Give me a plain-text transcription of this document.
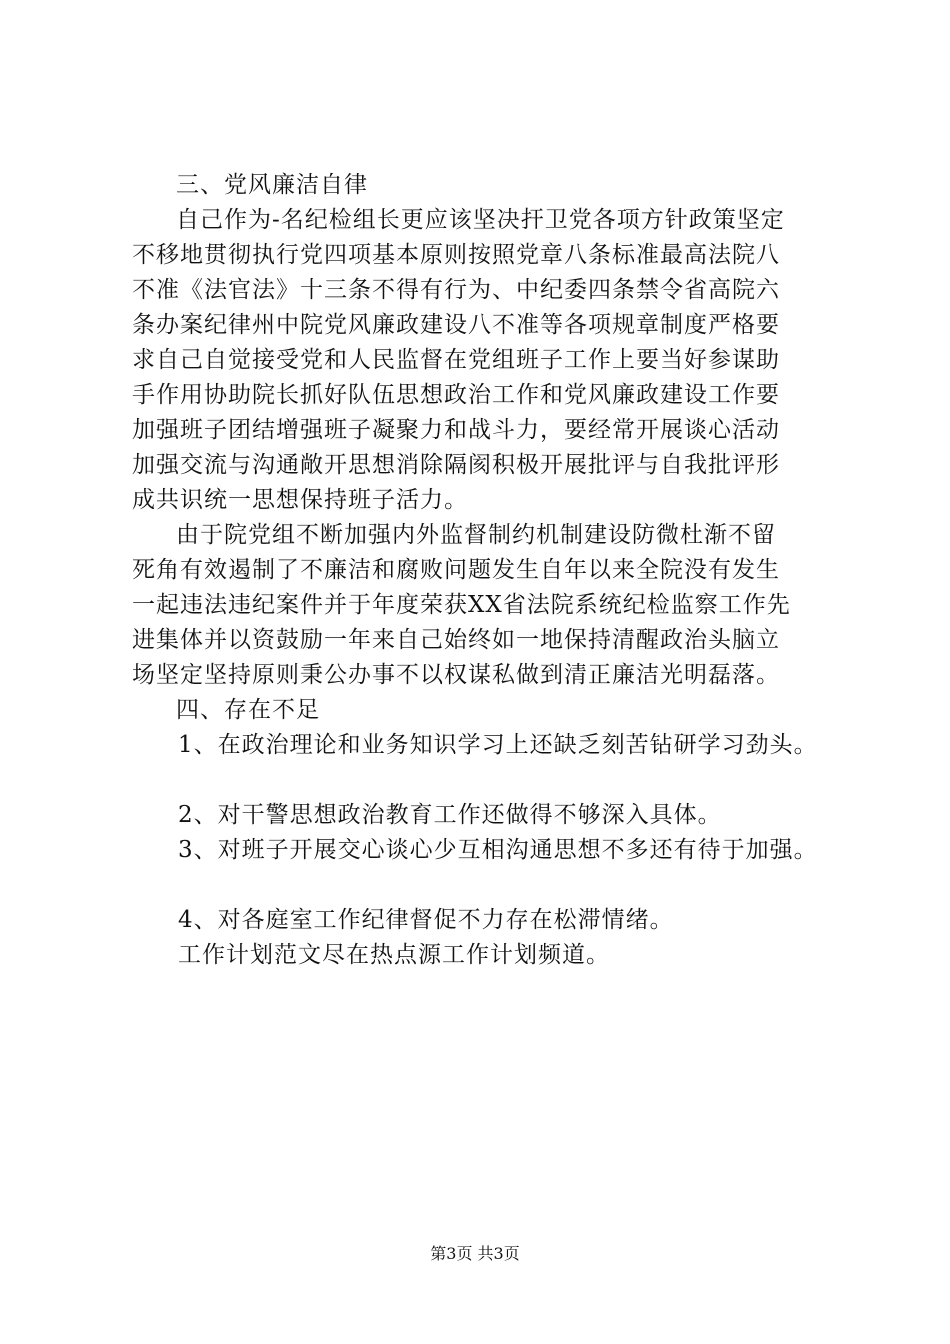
三、党风廉洁自律
自己作为-名纪检组长更应该坚决扞卫党各项方针政策坚定
不移地贯彻执行党四项基本原则按照党章八条标准最高法院八
不准《法官法》十三条不得有行为、中纪委四条禁令省高院六
条办案纪律州中院党风廉政建设八不准等各项规章制度严格要
求自己自觉接受党和人民监督在党组班子工作上要当好参谋助
手作用协助院长抓好队伍思想政治工作和党风廉政建设工作要
加强班子团结增强班子凝聚力和战斗力，要经常开展谈心活动
加强交流与沟通敞开思想消除隔阂积极开展批评与自我批评形
成共识统一思想保持班子活力。
由于院党组不断加强内外监督制约机制建设防微杜渐不留
死角有效遏制了不廉洁和腐败问题发生自年以来全院没有发生
一起违法违纪案件并于年度荣获XX省法院系统纪检监察工作先
进集体并以资鼓励一年来自己始终如一地保持清醒政治头脑立
场坚定坚持原则秉公办事不以权谋私做到清正廉洁光明磊落。
四、存在不足
1、在政治理论和业务知识学习上还缺乏刻苦钻研学习劲头。
2、对干警思想政治教育工作还做得不够深入具体。
3、对班子开展交心谈心少互相沟通思想不多还有待于加强。
4、对各庭室工作纪律督促不力存在松滞情绪。
工作计划范文尽在热点源工作计划频道。
第3页 共3页
